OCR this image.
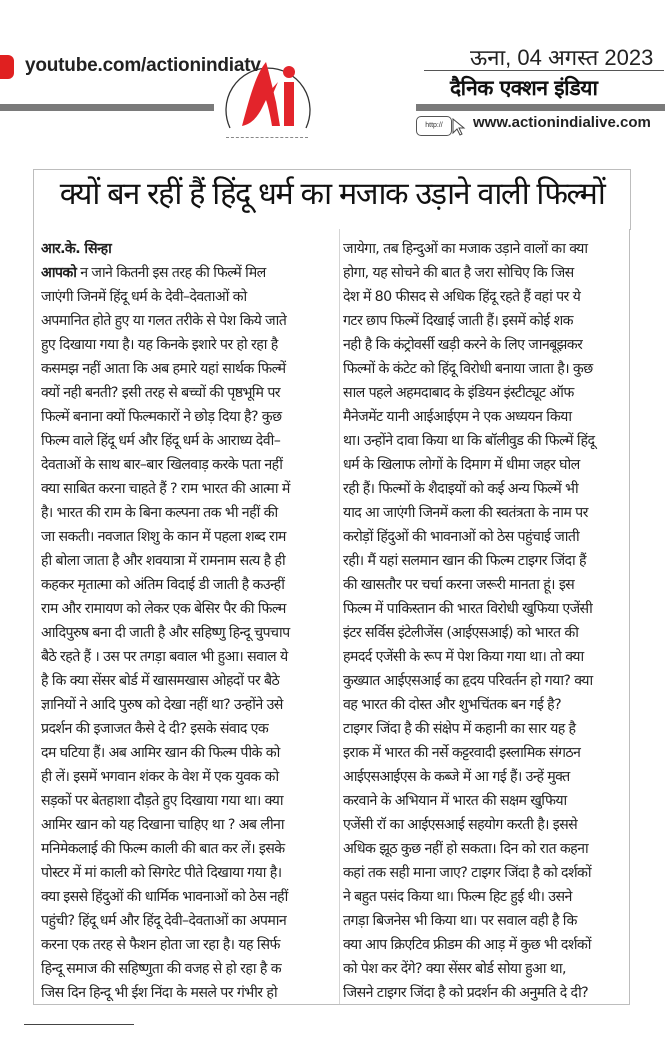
youtube.com/actionindiatv	ऊना, 04 अगस्त 2023
दैनिक एक्शन इंडिया
http://	www.actionindialive.com
क्यों बन रहीं हैं हिंदू धर्म का मजाक उड़ाने वाली फिल्मों
आर.के. सिन्हा
आपको न जाने कितनी इस तरह की फिल्में मिल
जाएंगी जिनमें हिंदू धर्म के देवी–देवताओं को
अपमानित होते हुए या गलत तरीके से पेश किये जाते
हुए दिखाया गया है। यह किनके इशारे पर हो रहा है
कसमझ नहीं आता कि अब हमारे यहां सार्थक फिल्में
क्यों नही बनती? इसी तरह से बच्चों की पृष्ठभूमि पर
फिल्में बनाना क्यों फिल्मकारों ने छोड़ दिया है? कुछ
फिल्म वाले हिंदू धर्म और हिंदू धर्म के आराध्य देवी–
देवताओं के साथ बार–बार खिलवाड़ करके पता नहीं
क्या साबित करना चाहते हैं ? राम भारत की आत्मा में
है। भारत की राम के बिना कल्पना तक भी नहीं की
जा सकती। नवजात शिशु के कान में पहला शब्द राम
ही बोला जाता है और शवयात्रा में रामनाम सत्य है ही
कहकर मृतात्मा को अंतिम विदाई डी जाती है कउन्हीं
राम और रामायण को लेकर एक बेसिर पैर की फिल्म
आदिपुरुष बना दी जाती है और सहिष्णु हिन्दू चुपचाप
बैठे रहते हैं । उस पर तगड़ा बवाल भी हुआ। सवाल ये
है कि क्या सेंसर बोर्ड में खासमखास ओहदों पर बैठे
ज्ञानियों ने आदि पुरुष को देखा नहीं था? उन्होंने उसे
प्रदर्शन की इजाजत कैसे दे दी? इसके संवाद एक
दम घटिया हैं। अब आमिर खान की फिल्म पीके को
ही लें। इसमें भगवान शंकर के वेश में एक युवक को
सड़कों पर बेतहाशा दौड़ते हुए दिखाया गया था। क्या
आमिर खान को यह दिखाना चाहिए था ? अब लीना
मनिमेकलाई की फिल्म काली की बात कर लें। इसके
पोस्टर में मां काली को सिगरेट पीते दिखाया गया है।
क्या इससे हिंदुओं की धार्मिक भावनाओं को ठेस नहीं
पहुंची? हिंदू धर्म और हिंदू देवी–देवताओं का अपमान
करना एक तरह से फैशन होता जा रहा है। यह सिर्फ
हिन्दू समाज की सहिष्णुता की वजह से हो रहा है क
जिस दिन हिन्दू भी ईश निंदा के मसले पर गंभीर हो
जायेगा, तब हिन्दुओं का मजाक उड़ाने वालों का क्या
होगा, यह सोचने की बात है जरा सोचिए कि जिस
देश में 80 फीसद से अधिक हिंदू रहते हैं वहां पर ये
गटर छाप फिल्में दिखाई जाती हैं। इसमें कोई शक
नही है कि कंट्रोवर्सी खड़ी करने के लिए जानबूझकर
फिल्मों के कंटेट को हिंदू विरोधी बनाया जाता है। कुछ
साल पहले अहमदाबाद के इंडियन इंस्टीट्यूट ऑफ
मैनेजमेंट यानी आईआईएम ने एक अध्ययन किया
था। उन्होंने दावा किया था कि बॉलीवुड की फिल्में हिंदू
धर्म के खिलाफ लोगों के दिमाग में धीमा जहर घोल
रही हैं। फिल्मों के शैदाइयों को कई अन्य फिल्में भी
याद आ जाएंगी जिनमें कला की स्वतंत्रता के नाम पर
करोड़ों हिंदुओं की भावनाओं को ठेस पहुंचाई जाती
रही। मैं यहां सलमान खान की फिल्म टाइगर जिंदा हैं
की खासतौर पर चर्चा करना जरूरी मानता हूं। इस
फिल्म में पाकिस्तान की भारत विरोधी खुफिया एजेंसी
इंटर सर्विस इंटेलीजेंस (आईएसआई) को भारत की
हमदर्द एजेंसी के रूप में पेश किया गया था। तो क्या
कुख्यात आईएसआई का हृदय परिवर्तन हो गया? क्या
वह भारत की दोस्त और शुभचिंतक बन गई है?
टाइगर जिंदा है की संक्षेप में कहानी का सार यह है
इराक में भारत की नर्से कट्टरवादी इस्लामिक संगठन
आईएसआईएस के कब्जे में आ गई हैं। उन्हें मुक्त
करवाने के अभियान में भारत की सक्षम खुफिया
एजेंसी रॉ का आईएसआई सहयोग करती है। इससे
अधिक झूठ कुछ नहीं हो सकता। दिन को रात कहना
कहां तक सही माना जाए? टाइगर जिंदा है को दर्शकों
ने बहुत पसंद किया था। फिल्म हिट हुई थी। उसने
तगड़ा बिजनेस भी किया था। पर सवाल वही है कि
क्या आप क्रिएटिव फ्रीडम की आड़ में कुछ भी दर्शकों
को पेश कर देंगे? क्या सेंसर बोर्ड सोया हुआ था,
जिसने टाइगर जिंदा है को प्रदर्शन की अनुमति दे दी?
